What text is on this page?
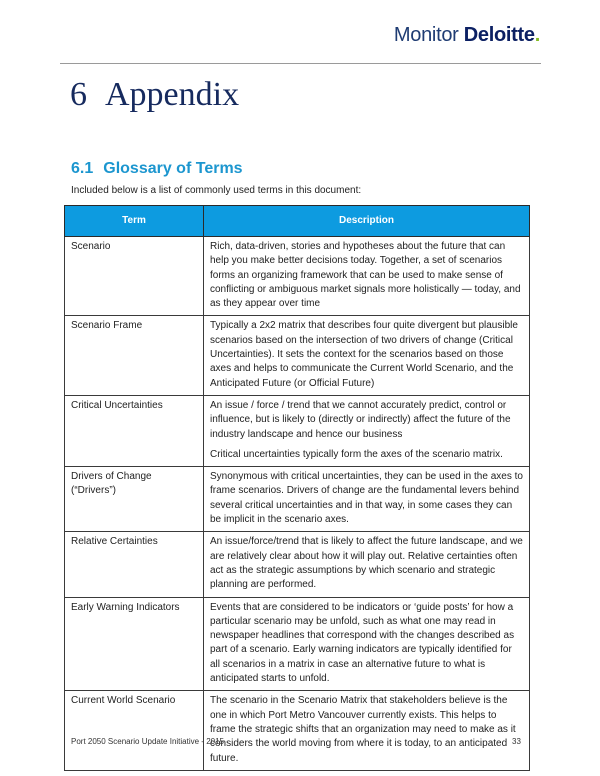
Monitor Deloitte.
6 Appendix
6.1 Glossary of Terms
Included below is a list of commonly used terms in this document:
Term	Description
Scenario	Rich, data-driven, stories and hypotheses about the future that can help you make better decisions today. Together, a set of scenarios forms an organizing framework that can be used to make sense of conflicting or ambiguous market signals more holistically — today, and as they appear over time

Scenario Frame	Typically a 2x2 matrix that describes four quite divergent but plausible scenarios based on the intersection of two drivers of change (Critical Uncertainties). It sets the context for the scenarios based on those axes and helps to communicate the Current World Scenario, and the Anticipated Future (or Official Future)

Critical Uncertainties	An issue / force / trend that we cannot accurately predict, control or influence, but is likely to (directly or indirectly) affect the future of the industry landscape and hence our business

Critical uncertainties typically form the axes of the scenario matrix.

Drivers of Change (“Drivers”)	Synonymous with critical uncertainties, they can be used in the axes to frame scenarios. Drivers of change are the fundamental levers behind several critical uncertainties and in that way, in some cases they can be implicit in the scenario axes.

Relative Certainties	An issue/force/trend that is likely to affect the future landscape, and we are relatively clear about how it will play out. Relative certainties often act as the strategic assumptions by which scenario and strategic planning are performed.

Early Warning Indicators	Events that are considered to be indicators or ‘guide posts’ for how a particular scenario may be unfold, such as what one may read in newspaper headlines that correspond with the changes described as part of a scenario. Early warning indicators are typically identified for all scenarios in a matrix in case an alternative future to what is anticipated starts to unfold.

Current World Scenario	The scenario in the Scenario Matrix that stakeholders believe is the one in which Port Metro Vancouver currently exists. This helps to frame the strategic shifts that an organization may need to make as it considers the world moving from where it is today, to an anticipated future.

Port 2050 Scenario Update Initiative - 2015	33
